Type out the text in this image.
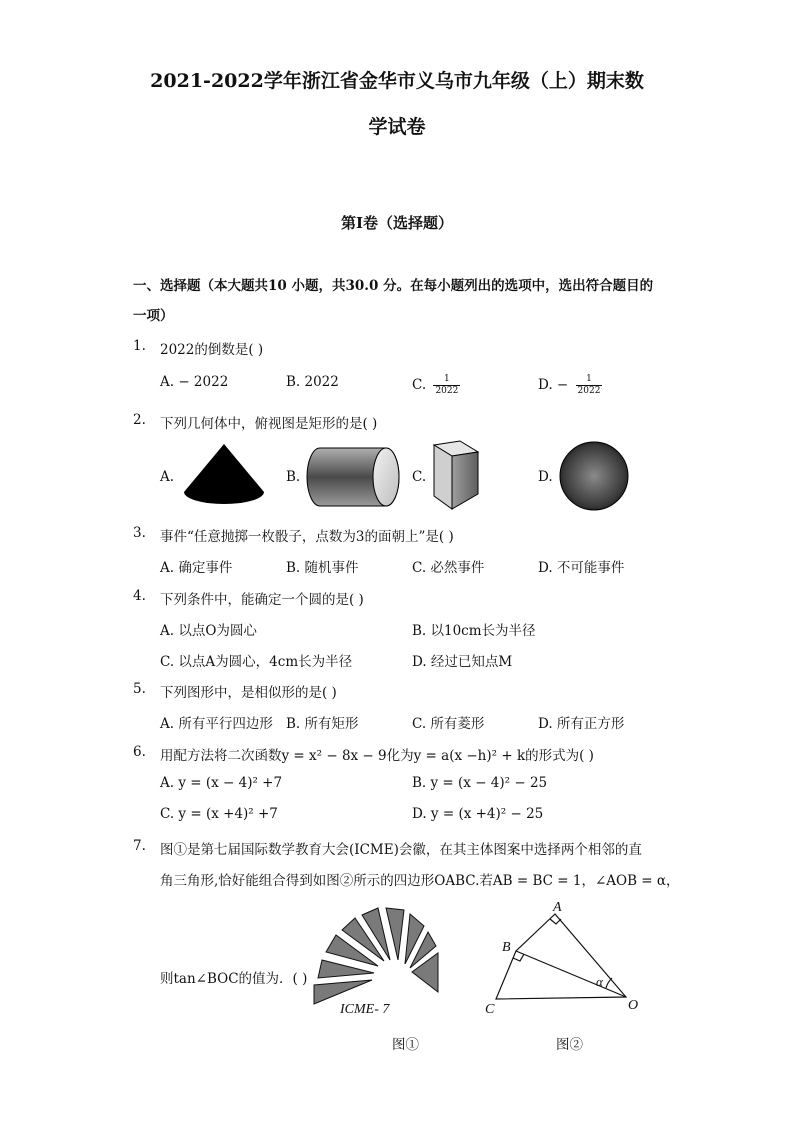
2021-2022学年浙江省金华市义乌市九年级（上）期末数
学试卷
第I卷（选择题）
一、选择题（本大题共10 小题，共30.0 分。在每小题列出的选项中，选出符合题目的
一项）
1. 2022的倒数是( )
A. − 2022	B. 2022	C. $\frac{1}{2022}$	D. − $\frac{1}{2022}$
2. 下列几何体中，俯视图是矩形的是( )
A.	B.	C.	D.
3. 事件“任意抛掷一枚骰子，点数为3的面朝上”是( )
A. 确定事件	B. 随机事件	C. 必然事件	D. 不可能事件
4. 下列条件中，能确定一个圆的是( )
A. 以点O为圆心	B. 以10cm长为半径
C. 以点A为圆心，4cm长为半径	D. 经过已知点M
5. 下列图形中，是相似形的是( )
A. 所有平行四边形 B. 所有矩形	C. 所有菱形	D. 所有正方形
6. 用配方法将二次函数y = x² − 8x − 9化为y = a(x −h)² + k的形式为( )
A. y = (x − 4)² +7	B. y = (x − 4)² − 25
C. y = (x +4)² +7	D. y = (x +4)² − 25
7. 图①是第七届国际数学教育大会(ICME)会徽，在其主体图案中选择两个相邻的直
角三角形,恰好能组合得到如图②所示的四边形OABC.若AB = BC = 1，∠AOB = α，
则tan∠BOC的值为．( )
ICME- 7
图①
A
B
C	O
α
图②
